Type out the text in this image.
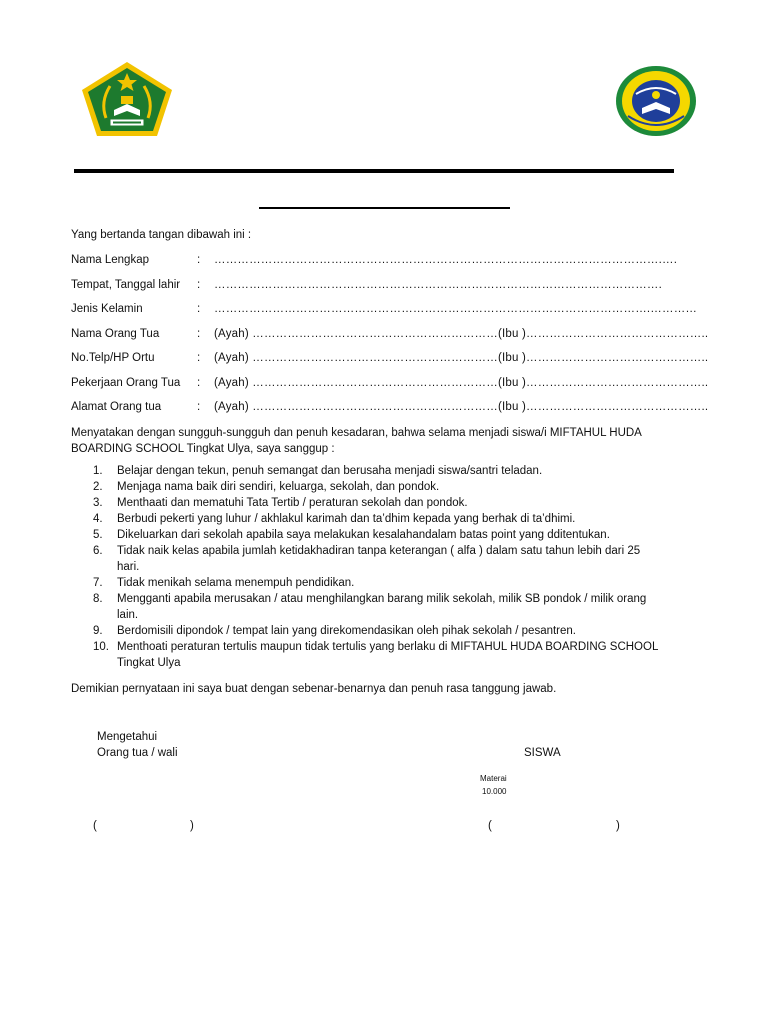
Yang bertanda tangan dibawah ini :
Nama Lengkap	: …………………………………………………………………………………………………….….
Tempat, Tanggal lahir : …………………………………………………………………………………………………….
Jenis Kelamin	: ………………………………………………………………………………………………….…………
Nama Orang Tua	: (Ayah) ………………………………………………………(Ibu )………………………………………..
No.Telp/HP Ortu	: (Ayah) ………………………………………………………(Ibu )………………………………………..
Pekerjaan Orang Tua : (Ayah) ………………………………………………………(Ibu )………………………………………..
Alamat Orang tua	: (Ayah) ………………………………………………………(Ibu )………………………………………..
Menyatakan dengan sungguh-sungguh dan penuh kesadaran, bahwa selama menjadi siswa/i MIFTAHUL HUDA
BOARDING SCHOOL Tingkat Ulya, saya sanggup :
1. Belajar dengan tekun, penuh semangat dan berusaha menjadi siswa/santri teladan.
2. Menjaga nama baik diri sendiri, keluarga, sekolah, dan pondok.
3. Menthaati dan mematuhi Tata Tertib / peraturan sekolah dan pondok.
4. Berbudi pekerti yang luhur / akhlakul karimah dan ta’dhim kepada yang berhak di ta’dhimi.
5. Dikeluarkan dari sekolah apabila saya melakukan kesalahandalam batas point yang dditentukan.
6. Tidak naik kelas apabila jumlah ketidakhadiran tanpa keterangan ( alfa ) dalam satu tahun lebih dari 25
hari.
7. Tidak menikah selama menempuh pendidikan.
8. Mengganti apabila merusakan / atau menghilangkan barang milik sekolah, milik SB pondok / milik orang
lain.
9. Berdomisili dipondok / tempat lain yang direkomendasikan oleh pihak sekolah / pesantren.
10. Menthoati peraturan tertulis maupun tidak tertulis yang berlaku di MIFTAHUL HUDA BOARDING SCHOOL
Tingkat Ulya
Demikian pernyataan ini saya buat dengan sebenar-benarnya dan penuh rasa tanggung jawab.
Mengetahui
Orang tua / wali	SISWA
Materai
10.000
(	)	(	)
